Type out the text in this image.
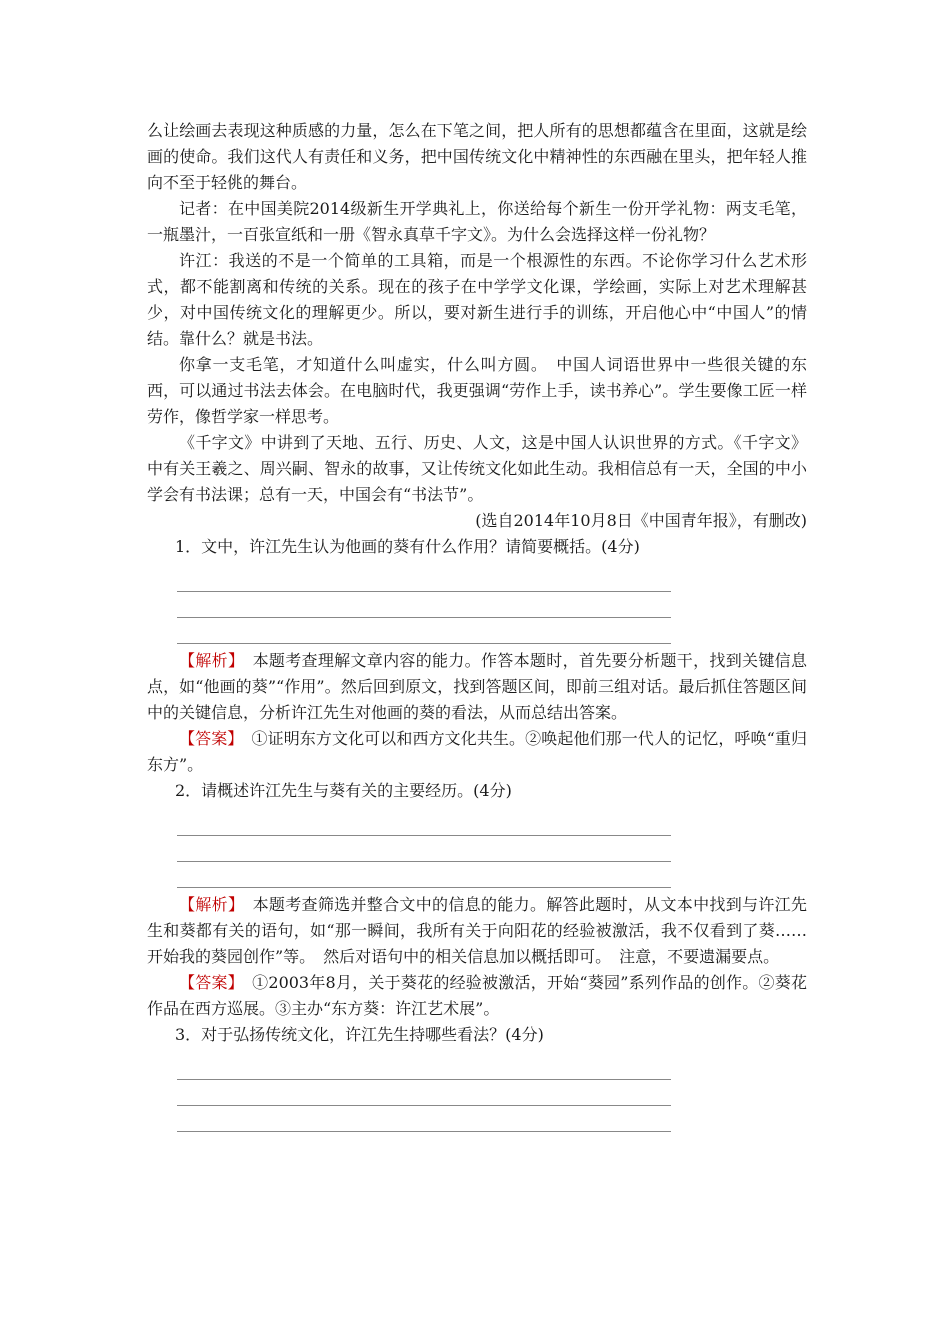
么让绘画去表现这种质感的力量，怎么在下笔之间，把人所有的思想都蕴含在里面，这就是绘画的使命。我们这代人有责任和义务，把中国传统文化中精神性的东西融在里头，把年轻人推向不至于轻佻的舞台。

记者：在中国美院2014级新生开学典礼上，你送给每个新生一份开学礼物：两支毛笔，一瓶墨汁，一百张宣纸和一册《智永真草千字文》。为什么会选择这样一份礼物？

许江：我送的不是一个简单的工具箱，而是一个根源性的东西。不论你学习什么艺术形式，都不能割离和传统的关系。现在的孩子在中学学文化课，学绘画，实际上对艺术理解甚少，对中国传统文化的理解更少。所以，要对新生进行手的训练，开启他心中“中国人”的情结。靠什么？就是书法。

你拿一支毛笔，才知道什么叫虚实，什么叫方圆。　中国人词语世界中一些很关键的东西，可以通过书法去体会。在电脑时代，我更强调“劳作上手，读书养心”。学生要像工匠一样劳作，像哲学家一样思考。

《千字文》中讲到了天地、五行、历史、人文，这是中国人认识世界的方式。《千字文》中有关王羲之、周兴嗣、智永的故事，又让传统文化如此生动。我相信总有一天，全国的中小学会有书法课；总有一天，中国会有“书法节”。

(选自2014年10月8日《中国青年报》，有删改)

1．文中，许江先生认为他画的葵有什么作用？请简要概括。(4分)

【解析】　 本题考查理解文章内容的能力。作答本题时，首先要分析题干，找到关键信息点，如“他画的葵”“作用”。然后回到原文，找到答题区间，即前三组对话。最后抓住答题区间中的关键信息，分析许江先生对他画的葵的看法，从而总结出答案。

【答案】　 ①证明东方文化可以和西方文化共生。②唤起他们那一代人的记忆，呼唤“重归东方”。

2．请概述许江先生与葵有关的主要经历。(4分)

【解析】　 本题考查筛选并整合文中的信息的能力。解答此题时，从文本中找到与许江先生和葵都有关的语句，如“那一瞬间，我所有关于向阳花的经验被激活，我不仅看到了葵……开始我的葵园创作”等。　然后对语句中的相关信息加以概括即可。　注意，不要遗漏要点。

【答案】　 ①2003年8月，关于葵花的经验被激活，开始“葵园”系列作品的创作。②葵花作品在西方巡展。③主办“东方葵：许江艺术展”。

3．对于弘扬传统文化，许江先生持哪些看法？(4分)
